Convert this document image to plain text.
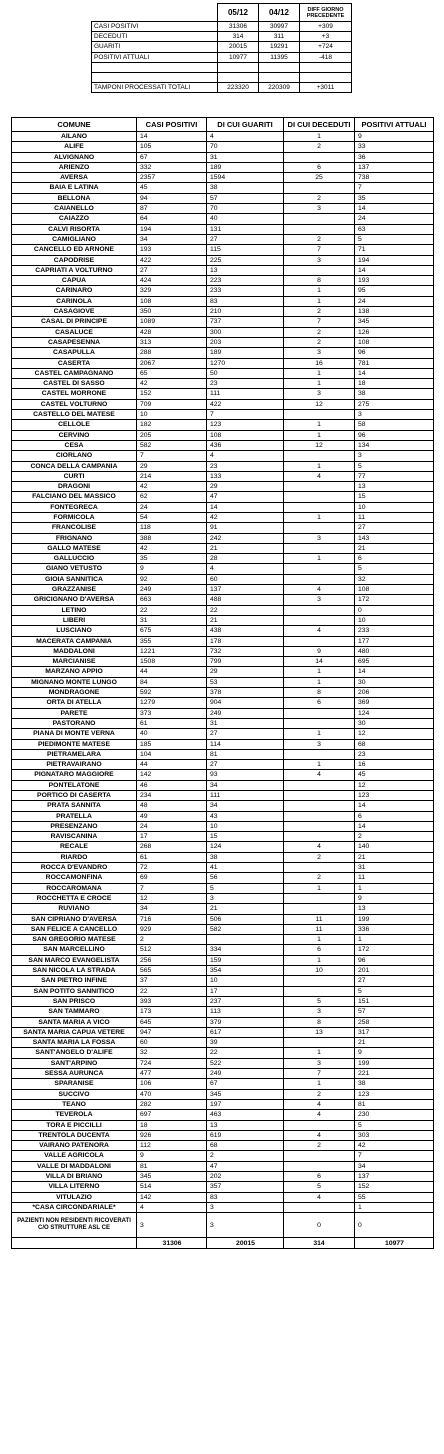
	05/12	04/12	DIFF GIORNO PRECEDENTE
CASI POSITIVI	31306	30997	+309
DECEDUTI	314	311	+3
GUARITI	20015	19291	+724
POSITIVI ATTUALI	10977	11395	-418

TAMPONI PROCESSATI TOTALI	223320	220309	+3011
COMUNE	CASI POSITIVI	DI CUI GUARITI	DI CUI DECEDUTI	POSITIVI ATTUALI
AILANO	14	4	1	9
ALIFE	105	70	2	33
ALVIGNANO	67	31		36
ARIENZO	332	189	6	137
AVERSA	2357	1594	25	738
BAIA E LATINA	45	38		7
BELLONA	94	57	2	35
CAIANELLO	87	70	3	14
CAIAZZO	64	40		24
CALVI RISORTA	194	131		63
CAMIGLIANO	34	27	2	5
CANCELLO ED ARNONE	193	115	7	71
CAPODRISE	422	225	3	194
CAPRIATI A VOLTURNO	27	13		14
CAPUA	424	223	8	193
CARINARO	329	233	1	95
CARINOLA	108	83	1	24
CASAGIOVE	350	210	2	138
CASAL DI PRINCIPE	1089	737	7	345
CASALUCE	428	300	2	126
CASAPESENNA	313	203	2	108
CASAPULLA	288	189	3	96
CASERTA	2067	1270	16	781
CASTEL CAMPAGNANO	65	50	1	14
CASTEL DI SASSO	42	23	1	18
CASTEL MORRONE	152	111	3	38
CASTEL VOLTURNO	709	422	12	275
CASTELLO DEL MATESE	10	7		3
CELLOLE	182	123	1	58
CERVINO	205	108	1	96
CESA	582	436	12	134
CIORLANO	7	4		3
CONCA DELLA CAMPANIA	29	23	1	5
CURTI	214	133	4	77
DRAGONI	42	29		13
FALCIANO DEL MASSICO	62	47		15
FONTEGRECA	24	14		10
FORMICOLA	54	42	1	11
FRANCOLISE	118	91		27
FRIGNANO	388	242	3	143
GALLO MATESE	42	21		21
GALLUCCIO	35	28	1	6
GIANO VETUSTO	9	4		5
GIOIA SANNITICA	92	60		32
GRAZZANISE	249	137	4	108
GRICIGNANO D'AVERSA	663	488	3	172
LETINO	22	22		0
LIBERI	31	21		10
LUSCIANO	675	438	4	233
MACERATA CAMPANIA	355	178		177
MADDALONI	1221	732	9	480
MARCIANISE	1508	799	14	695
MARZANO APPIO	44	29	1	14
MIGNANO MONTE LUNGO	84	53	1	30
MONDRAGONE	592	378	8	206
ORTA DI ATELLA	1279	904	6	369
PARETE	373	249		124
PASTORANO	61	31		30
PIANA DI MONTE VERNA	40	27	1	12
PIEDIMONTE MATESE	185	114	3	68
PIETRAMELARA	104	81		23
PIETRAVAIRANO	44	27	1	16
PIGNATARO MAGGIORE	142	93	4	45
PONTELATONE	46	34		12
PORTICO DI CASERTA	234	111		123
PRATA SANNITA	48	34		14
PRATELLA	49	43		6
PRESENZANO	24	10		14
RAVISCANINA	17	15		2
RECALE	268	124	4	140
RIARDO	61	38	2	21
ROCCA D'EVANDRO	72	41		31
ROCCAMONFINA	69	56	2	11
ROCCAROMANA	7	5	1	1
ROCCHETTA E CROCE	12	3		9
RUVIANO	34	21		13
SAN CIPRIANO D'AVERSA	716	506	11	199
SAN FELICE A CANCELLO	929	582	11	336
SAN GREGORIO MATESE	2		1	1
SAN MARCELLINO	512	334	6	172
SAN MARCO EVANGELISTA	256	159	1	96
SAN NICOLA LA STRADA	565	354	10	201
SAN PIETRO INFINE	37	10		27
SAN POTITO SANNITICO	22	17		5
SAN PRISCO	393	237	5	151
SAN TAMMARO	173	113	3	57
SANTA MARIA A VICO	645	379	8	258
SANTA MARIA CAPUA VETERE	947	617	13	317
SANTA MARIA LA FOSSA	60	39		21
SANT'ANGELO D'ALIFE	32	22	1	9
SANT'ARPINO	724	522	3	199
SESSA AURUNCA	477	249	7	221
SPARANISE	106	67	1	38
SUCCIVO	470	345	2	123
TEANO	282	197	4	81
TEVEROLA	697	463	4	230
TORA E PICCILLI	18	13		5
TRENTOLA DUCENTA	926	619	4	303
VAIRANO PATENORA	112	68	2	42
VALLE AGRICOLA	9	2		7
VALLE DI MADDALONI	81	47		34
VILLA DI BRIANO	345	202	6	137
VILLA LITERNO	514	357	5	152
VITULAZIO	142	83	4	55
*CASA CIRCONDARIALE*	4	3		1
PAZIENTI NON RESIDENTI RICOVERATI C/O STRUTTURE ASL CE	3	3	0	0
	31306	20015	314	10977
